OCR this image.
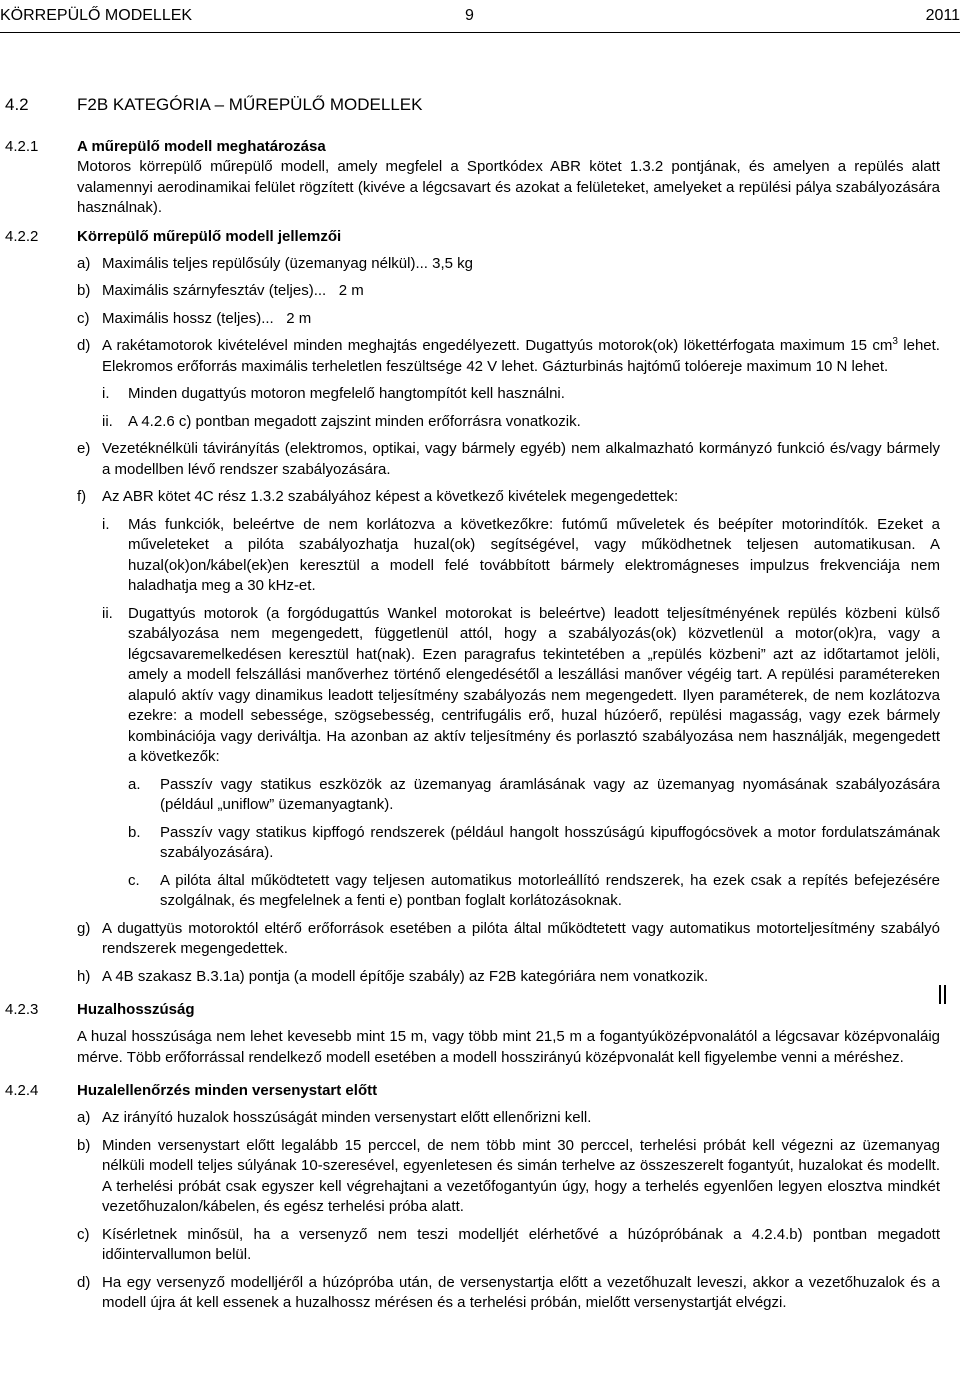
KÖRREPÜLŐ MODELLEK	9	2011
4.2	F2B KATEGÓRIA – MŰREPÜLŐ MODELLEK
4.2.1	A műrepülő modell meghatározása
Motoros körrepülő műrepülő modell, amely megfelel a Sportkódex ABR kötet 1.3.2 pontjának, és amelyen a repülés alatt valamennyi aerodinamikai felület rögzített (kivéve a légcsavart és azokat a felületeket, amelyeket a repülési pálya szabályozására használnak).
4.2.2	Körrepülő műrepülő modell jellemzői
a) Maximális teljes repülősúly (üzemanyag nélkül)... 3,5 kg
b) Maximális szárnyfesztáv (teljes)...   2 m
c) Maximális hossz (teljes)...   2 m
d) A rakétamotorok kivételével minden meghajtás engedélyezett. Dugattyús motorok(ok) lökettérfogata maximum 15 $cm^3$ lehet. Elekromos erőforrás maximális terheletlen feszültsége 42 V lehet. Gázturbinás hajtómű tolóereje maximum 10 N lehet.
i. Minden dugattyús motoron megfelelő hangtompítót kell használni.
ii. A 4.2.6 c) pontban megadott zajszint minden erőforrásra vonatkozik.
e) Vezetéknélküli távirányítás (elektromos, optikai, vagy bármely egyéb) nem alkalmazható kormányzó funkció és/vagy bármely a modellben lévő rendszer szabályozására.
f) Az ABR kötet 4C rész 1.3.2 szabályához képest a következő kivételek megengedettek:
i. Más funkciók, beleértve de nem korlátozva a következőkre: futómű műveletek és beépíter motorindítók. Ezeket a műveleteket a pilóta szabályozhatja huzal(ok) segítségével, vagy működhetnek teljesen automatikusan. A huzal(ok)on/kábel(ek)en keresztül a modell felé továbbított bármely elektromágneses impulzus frekvenciája nem haladhatja meg a 30 kHz-et.
ii. Dugattyús motorok (a forgódugattús Wankel motorokat is beleértve) leadott teljesítményének repülés közbeni külső szabályozása nem megengedett, függetlenül attól, hogy a szabályozás(ok) közvetlenül a motor(ok)ra, vagy a légcsavaremelkedésen keresztül hat(nak). Ezen paragrafus tekintetében a „repülés közbeni” azt az időtartamot jelöli, amely a modell felszállási manőverhez történő elengedésétől a leszállási manőver végéig tart. A repülési paramétereken alapuló aktív vagy dinamikus leadott teljesítmény szabályozás nem megengedett. Ilyen paraméterek, de nem kozlátozva ezekre: a modell sebessége, szögsebesség, centrifugális erő, huzal húzóerő, repülési magasság, vagy ezek bármely kombinációja vagy deriváltja. Ha azonban az aktív teljesítmény és porlasztó szabályozása nem használják, megengedett a következők:
a. Passzív vagy statikus eszközök az üzemanyag áramlásának vagy az üzemanyag nyomásának szabályozására (például „uniflow” üzemanyagtank).
b. Passzív vagy statikus kipffogó rendszerek (például hangolt hosszúságú kipuffogócsövek a motor fordulatszámának szabályozására).
c. A pilóta által működtetett vagy teljesen automatikus motorleállító rendszerek, ha ezek csak a repítés befejezésére szolgálnak, és megfelelnek a fenti e) pontban foglalt korlátozásoknak.
g) A dugattyüs motoroktól eltérő erőforrások esetében a pilóta által működtetett vagy automatikus motorteljesítmény szabályó rendszerek megengedettek.
h) A 4B szakasz B.3.1a) pontja (a modell építője szabály) az F2B kategóriára nem vonatkozik.
4.2.3	Huzalhosszúság
A huzal hosszúsága nem lehet kevesebb mint 15 m, vagy több mint 21,5 m a fogantyúközépvonalától a légcsavar középvonaláig mérve. Több erőforrással rendelkező modell esetében a modell hosszirányú középvonalát kell figyelembe venni a méréshez.
4.2.4	Huzalellenőrzés minden versenystart előtt
a) Az irányító huzalok hosszúságát minden versenystart előtt ellenőrizni kell.
b) Minden versenystart előtt legalább 15 perccel, de nem több mint 30 perccel, terhelési próbát kell végezni az üzemanyag nélküli modell teljes súlyának 10-szeresével, egyenletesen és simán terhelve az összeszerelt fogantyút, huzalokat és modellt. A terhelési próbát csak egyszer kell végrehajtani a vezetőfogantyún úgy, hogy a terhelés egyenlően legyen elosztva mindkét vezetőhuzalon/kábelen, és egész terhelési próba alatt.
c) Kísérletnek minősül, ha a versenyző nem teszi modelljét elérhetővé a húzópróbának a 4.2.4.b) pontban megadott időintervallumon belül.
d) Ha egy versenyző modelljéről a húzópróba után, de versenystartja előtt a vezetőhuzalt leveszi, akkor a vezetőhuzalok és a modell újra át kell essenek a huzalhossz mérésen és a terhelési próbán, mielőtt versenystartját elvégzi.
